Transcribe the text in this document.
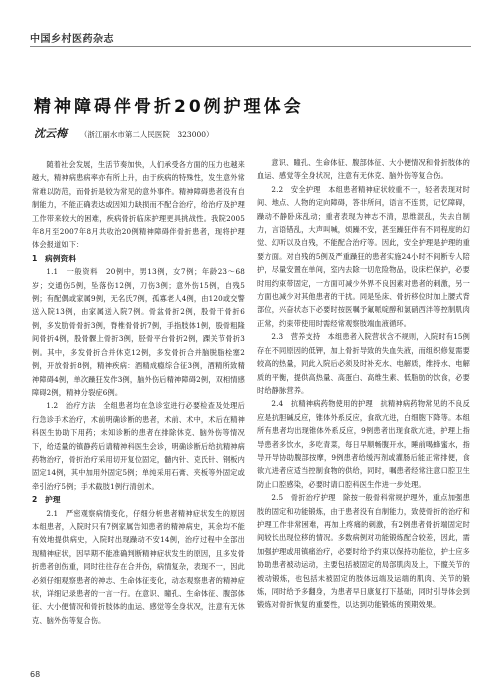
中国乡村医药杂志
精神障碍伴骨折20例护理体会
沈云梅 （浙江丽水市第二人民医院　323000）

随着社会发展，生活节奏加快，人们承受各方面的压力也越来越大，精神病患病率亦有所上升，由于疾病的特殊性，发生意外常常难以防范，而骨折是较为常见的意外事件。精神障碍患者没有自制能力，不能正确表达或因知力缺损而不配合治疗，给治疗及护理工作带来较大的困难，疾病骨折临床护理更具挑战性。我院2005年8月至2007年8月共收治20例精神障碍伴骨折患者，现将护理体会报道如下：

1　病例资料

1.1　一般资料　20例中，男13例，女7例；年龄23～68岁；交通伤5例，坠落伤12例，刀伤3例；意外伤15例，自残5例；有配偶或家属9例，无名氏7例，孤寡老人4例，由120或交警送入院13例，由家属送入院7例。骨盆骨折2例，股骨干骨折6例，多发肋骨骨折3例，脊椎骨骨折7例，手指肢体1例，股骨粗隆间骨折4例，股骨髁上骨折3例，胫骨平台骨折2例，踝关节骨折3例。其中，多发骨折合并休克12例，多发骨折合并脑脱脂栓塞2例，开放骨折8例，精神疾病：酒精成瘾综合征3例，酒精所致精神障碍4例，单次躁狂发作3例，脑外伤后精神障碍2例，双相情感障碍2例，精神分裂症6例。

1.2　治疗方法　全组患者均在急诊室进行必要检查及处理后行急诊手术治疗，术前明确诊断的患者，术前、术中，术后在精神科医生协助下用药；未知诊断的患者在排除休克、脑外伤等情况下，给适量的镇静药后请精神科医生会诊，明确诊断后给抗精神病药物治疗，骨折治疗采用切开复位固定，髓内针、克氏针、钢板内固定14例，其中加用外固定5例；单纯采用石膏、夹板等外固定或牵引治疗5例；手术截肢1例行清创术。

2　护理

2.1　严密观察病情变化，仔细分析患者精神症状发生的原因　本组患者，入院时只有7例家属告知患者的精神病史，其余均不能有效地提供病史，入院时出现躁动不安14例，治疗过程中全部出现精神症状，因早期不能准确判断精神症状发生的原因，且多发骨折患者创伤重，同时往往存在合并伤，病情复杂，表现不一，因此必须仔细观察患者的神志、生命体征变化，动态观察患者的精神症状，详细记录患者的一言一行。在意识、瞳孔、生命体征、腹部体征、大小便情况和骨折肢体的血运、感觉等全身状况，注意有无休克、脑外伤等复合伤。

意识、瞳孔、生命体征、腹部体征、大小便情况和骨折肢体的血运、感觉等全身状况，注意有无休克、脑外伤等复合伤。

2.2　安全护理　本组患者精神症状较重不一，轻者表现对时间、地点、人物的定向障碍，答非所问，语言不连贯，记忆障碍，躁动不静卧床乱动；重者表现为神志不清，思维混乱，失去自制力，言语错乱，大声叫喊，烦躁不安，甚至躁狂伴有不同程度的幻觉、幻听以及自残，不能配合治疗等。因此，安全护理是护理的重要方面。对自残的5例及严重躁狂的患者实施24小时不间断专人陪护，尽量安置在单间，室内去除一切危险物品，设床栏保护，必要时用约束带固定，一方面可减少外界不良因素对患者的刺激，另一方面也减少对其他患者的干扰。同是坠床、骨折移位时加上腰式背部位，兴奋状态下必要时按医嘱予氟哌啶醇和氯硝西泮等控制肌肉正常，约束带使用时需经常观察肢端血液循环。

2.3　营养支持　本组患者入院营状含不规则，入院时有15例存在不同原因的低钾，加上骨折导致的失血失液，而组织修复需要较高的热量，同此入院后必须及时补充水、电解质，维持水、电解质的平衡，提供高热量、高蛋白、高维生素、低脂肪的饮食，必要时给静脉营养。

2.4　抗精神病药物使用的护理　抗精神病药物常见的不良反应是抗胆碱反应，锥体外系反应，食欲亢进，白细胞下降等。本组所有患者均出现锥体外系反应，9例患者出现食欲亢进，护理上指导患者多饮水，多吃青菜，每日早顺畅腹开水，睡前喝蜂蜜水，指导开导协助腹部按摩，9例患者给缓泻剂或灌肠后能正常排便，食欲亢进者应适当控制食物的供给，同时，嘱患者经常注意口腔卫生防止口腔感染，必要时请口腔科医生作进一步处理。

2.5　骨折治疗护理　除按一般骨科常规护理外，重点加强患肢的固定和功能锻炼，由于患者没有自制能力，致使骨折的治疗和护理工作非常困难，再加上疼痛的刺激，有2例患者骨折端固定时间较长出现位移的情况。多数病例对功能锻炼配合较差，因此，需加强护理或用镇痛治疗，必要时给予约束以保持功能位，护士应多协助患者被动运动，主要包括被固定的局部肌肉及上，下髋关节的被动锻炼，也包括未被固定的肢体远端及运端的肌肉、关节的锻炼，同时给予多翻身，为患者早日康复打下基础，同时引导体会到锻炼对骨折恢复的重要性，以达到功能锻炼的预期效果。

68
